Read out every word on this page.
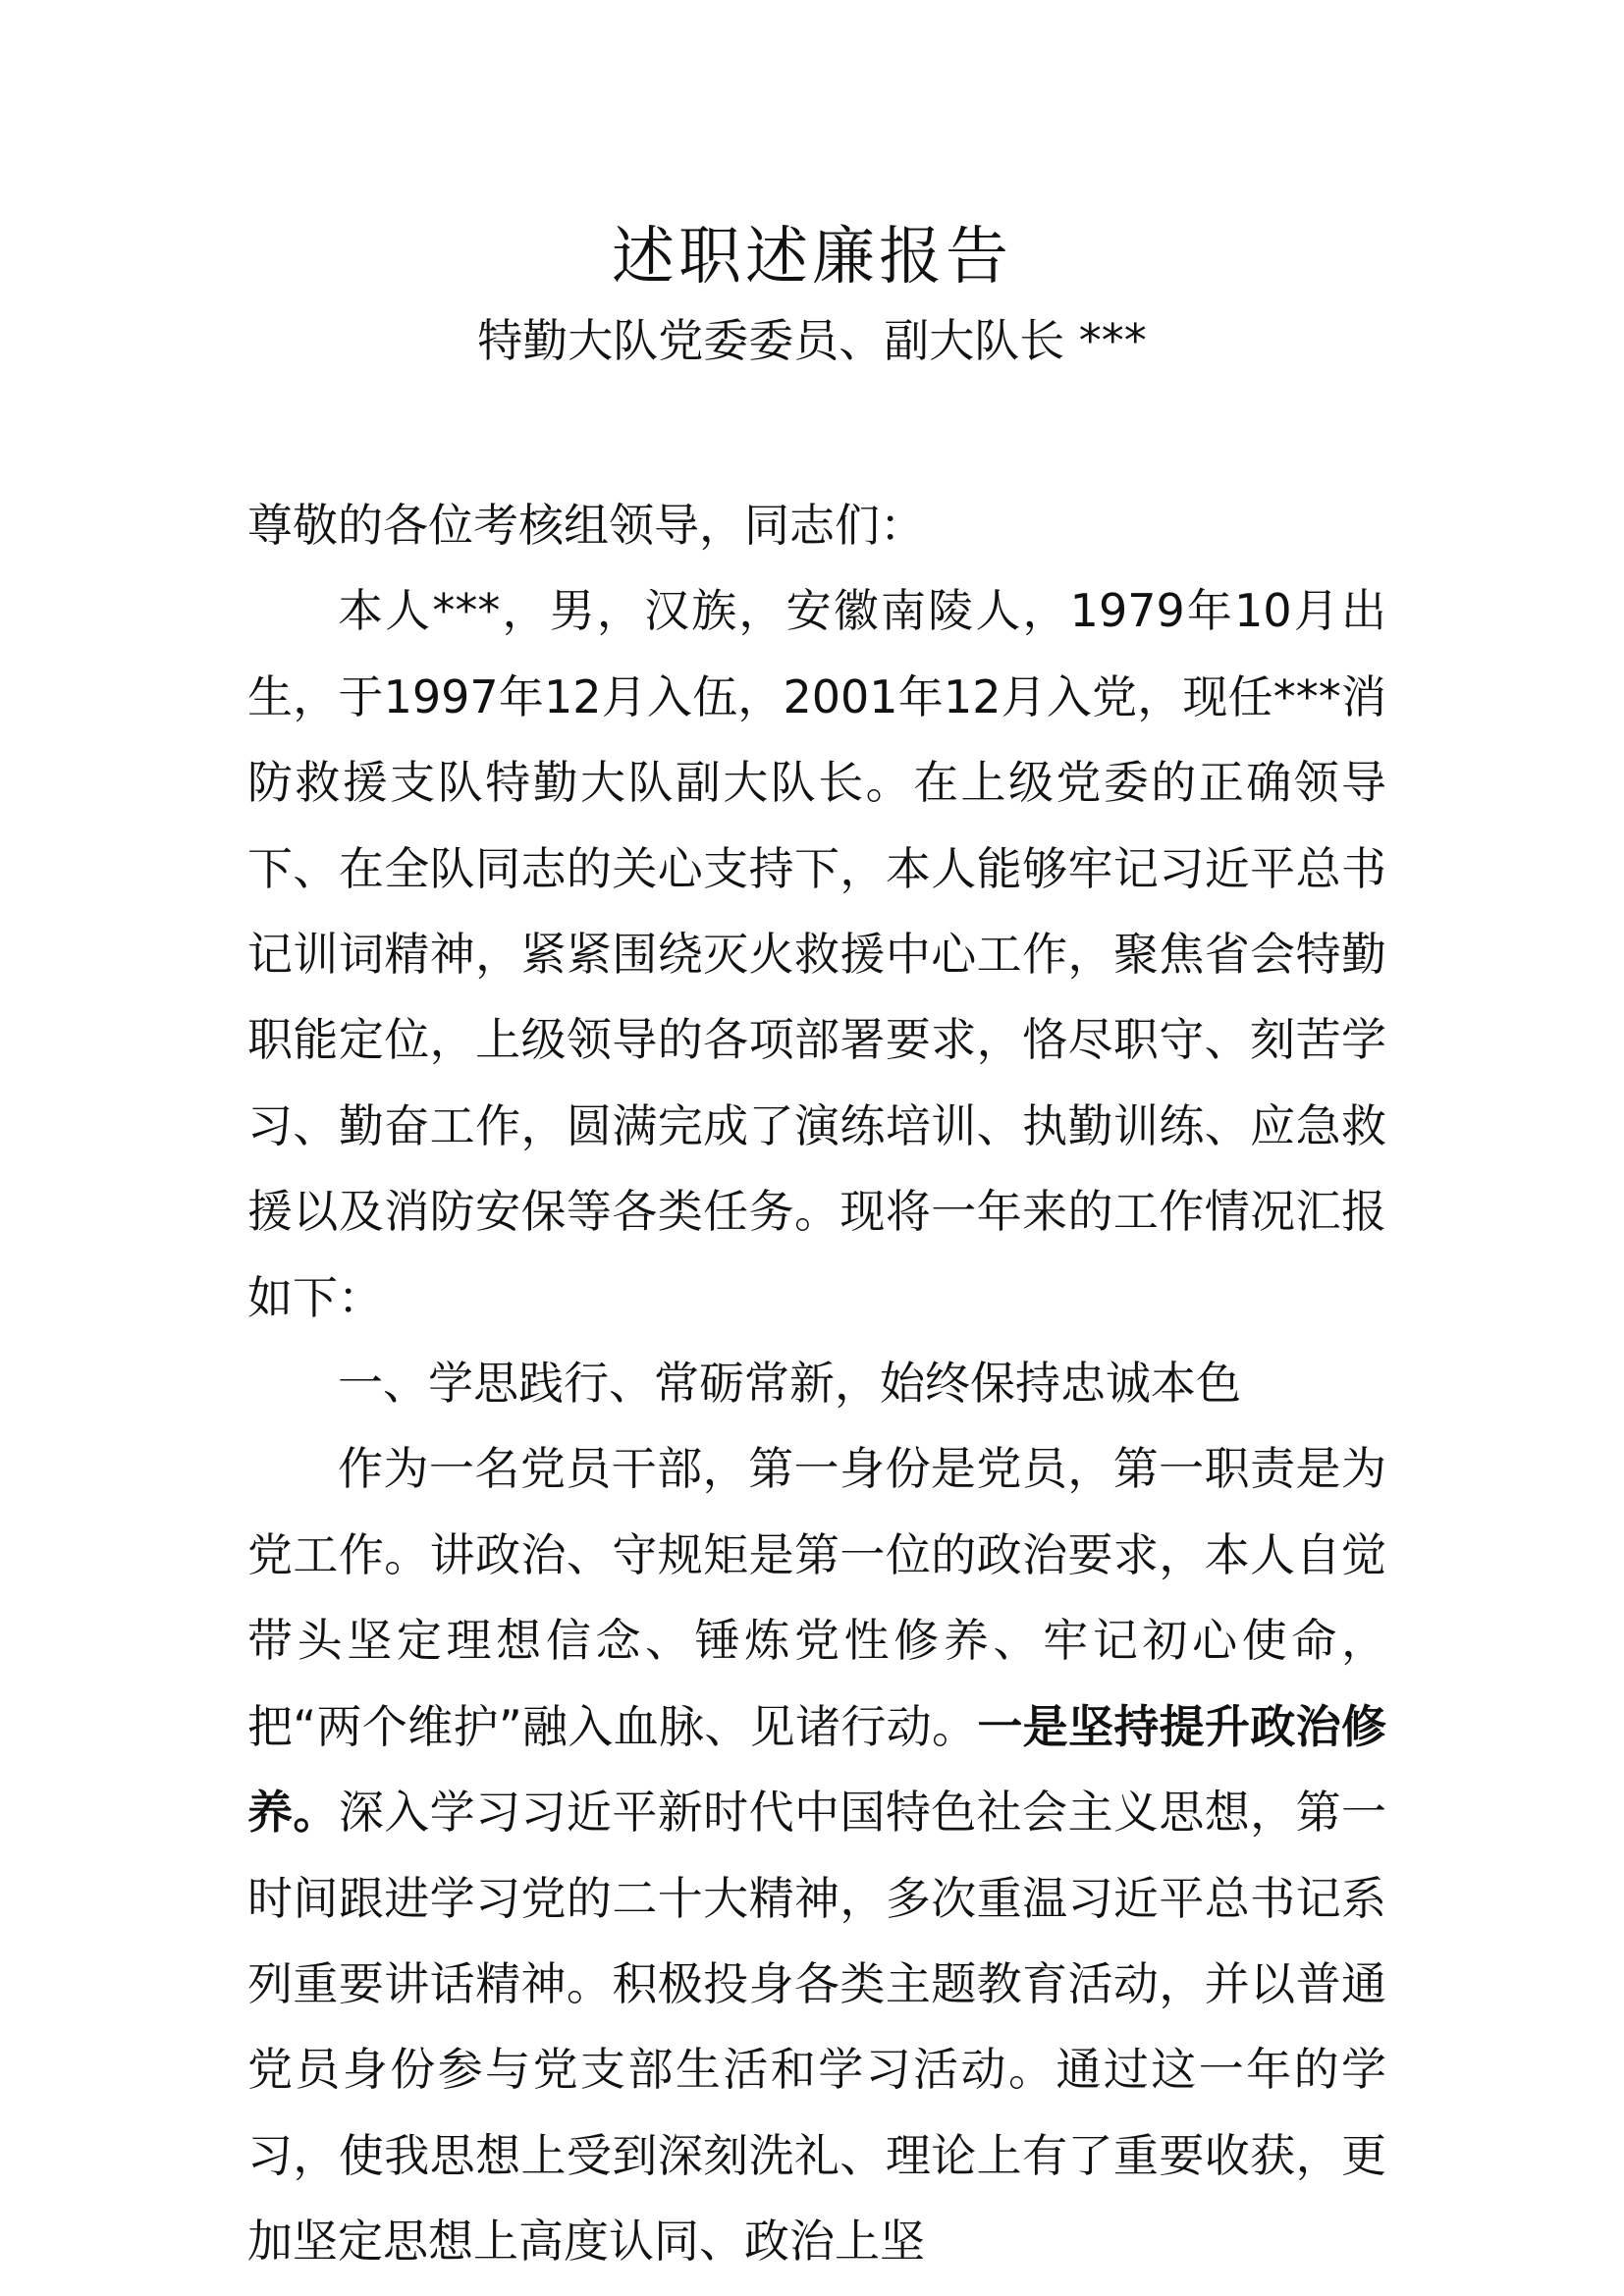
述职述廉报告
特勤大队党委委员、副大队长 ***

尊敬的各位考核组领导，同志们：

本人***，男，汉族，安徽南陵人，1979年10月出生，于1997年12月入伍，2001年12月入党，现任***消防救援支队特勤大队副大队长。在上级党委的正确领导下、在全队同志的关心支持下，本人能够牢记习近平总书记训词精神，紧紧围绕灭火救援中心工作，聚焦省会特勤职能定位，上级领导的各项部署要求，恪尽职守、刻苦学习、勤奋工作，圆满完成了演练培训、执勤训练、应急救援以及消防安保等各类任务。现将一年来的工作情况汇报如下：

一、学思践行、常砺常新，始终保持忠诚本色

作为一名党员干部，第一身份是党员，第一职责是为党工作。讲政治、守规矩是第一位的政治要求，本人自觉带头坚定理想信念、锤炼党性修养、牢记初心使命，把“两个维护”融入血脉、见诸行动。一是坚持提升政治修养。深入学习习近平新时代中国特色社会主义思想，第一时间跟进学习党的二十大精神，多次重温习近平总书记系列重要讲话精神。积极投身各类主题教育活动，并以普通党员身份参与党支部生活和学习活动。通过这一年的学习，使我思想上受到深刻洗礼、理论上有了重要收获，更加坚定思想上高度认同、政治上坚
